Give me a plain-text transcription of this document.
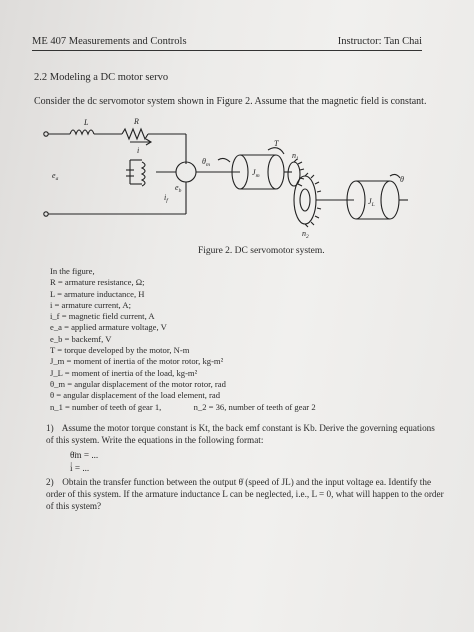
ME 407 Measurements and Controls	Instructor: Tan Chai
2.2 Modeling a DC motor servo
Consider the dc servomotor system shown in Figure 2. Assume that the magnetic field is constant.
L	R
i
$e_a$
$e_b$
$i_f$
$\theta_m$
$J_m$
T
$n_1$
$n_2$
$J_L$
θ
Figure 2. DC servomotor system.
In the figure,
R = armature resistance, Ω;
L = armature inductance, H
i = armature current, A;
i_f = magnetic field current, A
e_a = applied armature voltage, V
e_b = backemf, V
T = torque developed by the motor, N-m
J_m = moment of inertia of the motor rotor, kg-m²
J_L = moment of inertia of the load, kg-m²
θ_m = angular displacement of the motor rotor, rad
θ = angular displacement of the load element, rad
n_1 = number of teeth of gear 1,	n_2 = 36, number of teeth of gear 2
1) Assume the motor torque constant is Kt, the back emf constant is Kb. Derive the governing equations of this system. Write the equations in the following format:
θ̈m = ...
i̇ = ...
2) Obtain the transfer function between the output θ̇ (speed of JL) and the input voltage ea. Identify the order of this system. If the armature inductance L can be neglected, i.e., L = 0, what will happen to the order of this system?
